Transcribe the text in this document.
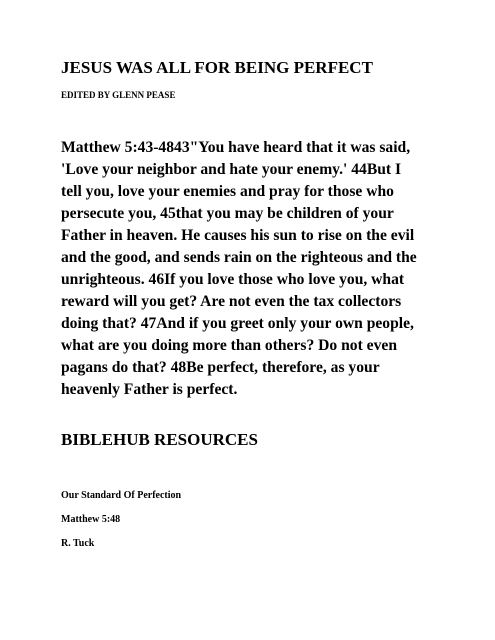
JESUS WAS ALL FOR BEING PERFECT
EDITED BY GLENN PEASE

Matthew 5:43-4843"You have heard that it was said,
'Love your neighbor and hate your enemy.' 44But I
tell you, love your enemies and pray for those who
persecute you, 45that you may be children of your
Father in heaven. He causes his sun to rise on the evil
and the good, and sends rain on the righteous and the
unrighteous. 46If you love those who love you, what
reward will you get? Are not even the tax collectors
doing that? 47And if you greet only your own people,
what are you doing more than others? Do not even
pagans do that? 48Be perfect, therefore, as your
heavenly Father is perfect.

BIBLEHUB RESOURCES
Our Standard Of Perfection
Matthew 5:48
R. Tuck
